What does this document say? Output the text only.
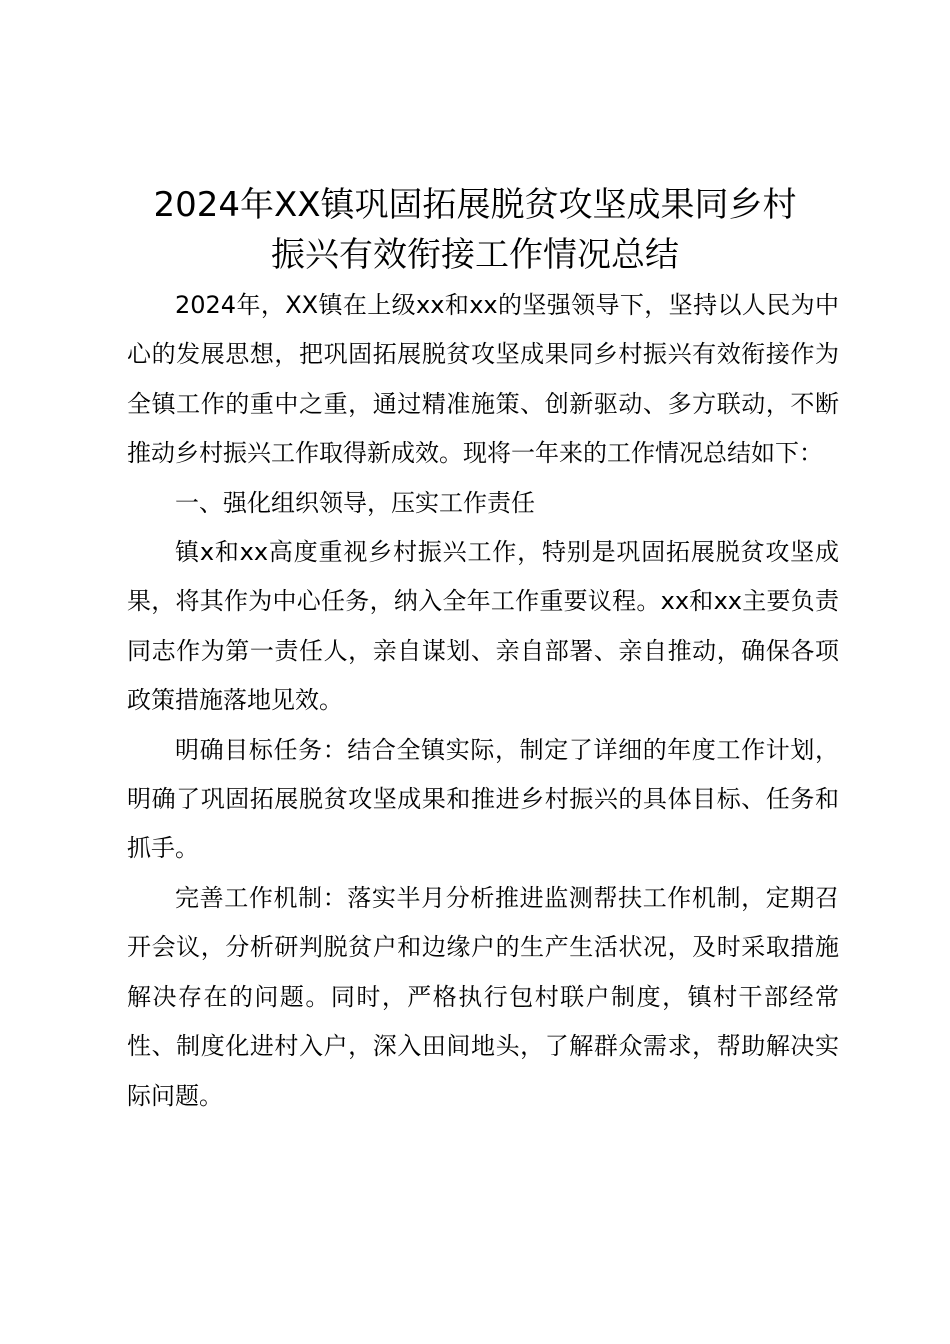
2024年XX镇巩固拓展脱贫攻坚成果同乡村
振兴有效衔接工作情况总结

2024年，XX镇在上级xx和xx的坚强领导下，坚持以人民为中心的发展思想，把巩固拓展脱贫攻坚成果同乡村振兴有效衔接作为全镇工作的重中之重，通过精准施策、创新驱动、多方联动，不断推动乡村振兴工作取得新成效。现将一年来的工作情况总结如下：

一、强化组织领导，压实工作责任

镇x和xx高度重视乡村振兴工作，特别是巩固拓展脱贫攻坚成果，将其作为中心任务，纳入全年工作重要议程。xx和xx主要负责同志作为第一责任人，亲自谋划、亲自部署、亲自推动，确保各项政策措施落地见效。

明确目标任务：结合全镇实际，制定了详细的年度工作计划，明确了巩固拓展脱贫攻坚成果和推进乡村振兴的具体目标、任务和抓手。

完善工作机制：落实半月分析推进监测帮扶工作机制，定期召开会议，分析研判脱贫户和边缘户的生产生活状况，及时采取措施解决存在的问题。同时，严格执行包村联户制度，镇村干部经常性、制度化进村入户，深入田间地头，了解群众需求，帮助解决实际问题。
